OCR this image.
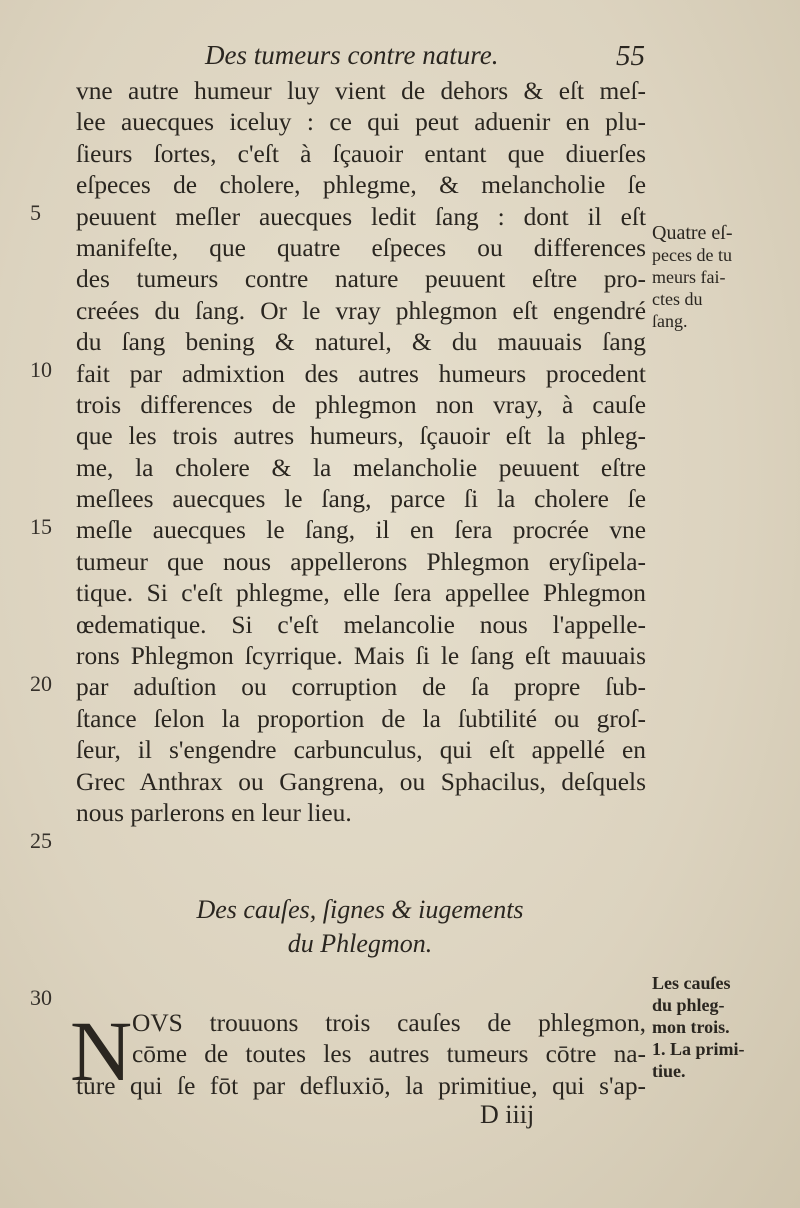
Des tumeurs contre nature.	55
vne autre humeur luy vient de dehors & eſt meſ-
lee auecques iceluy : ce qui peut aduenir en plu-
ſieurs ſortes, c'eſt à ſçauoir entant que diuerſes
eſpeces de cholere, phlegme, & melancholie ſe
peuuent meſler auecques ledit ſang : dont il eſt
manifeſte, que quatre eſpeces ou differences
des tumeurs contre nature peuuent eſtre pro-
creées du ſang. Or le vray phlegmon eſt engendré
du ſang bening & naturel, & du mauuais ſang
fait par admixtion des autres humeurs procedent
trois differences de phlegmon non vray, à cauſe
que les trois autres humeurs, ſçauoir eſt la phleg-
me, la cholere & la melancholie peuuent eſtre
meſlees auecques le ſang, parce ſi la cholere ſe
meſle auecques le ſang, il en ſera procrée vne
tumeur que nous appellerons Phlegmon eryſipela-
tique. Si c'eſt phlegme, elle ſera appellee Phlegmon
œdematique. Si c'eſt melancolie nous l'appelle-
rons Phlegmon ſcyrrique. Mais ſi le ſang eſt mauuais
par aduſtion ou corruption de ſa propre ſub-
ſtance ſelon la proportion de la ſubtilité ou groſ-
ſeur, il s'engendre carbunculus, qui eſt appellé en
Grec Anthrax ou Gangrena, ou Sphacilus, deſquels
nous parlerons en leur lieu.
5
10
15
20
25
30
Quatre eſ-
peces de tu
meurs fai-
ctes du
ſang.
Des cauſes, ſignes & iugements
du Phlegmon.
Les cauſes
du phleg-
mon trois.
1. La primi-
tiue.
N OVS trouuons trois cauſes de phlegmon,
cōme de toutes les autres tumeurs cōtre na-
ture qui ſe fōt par defluxiō, la primitiue, qui s'ap-
D iiij
